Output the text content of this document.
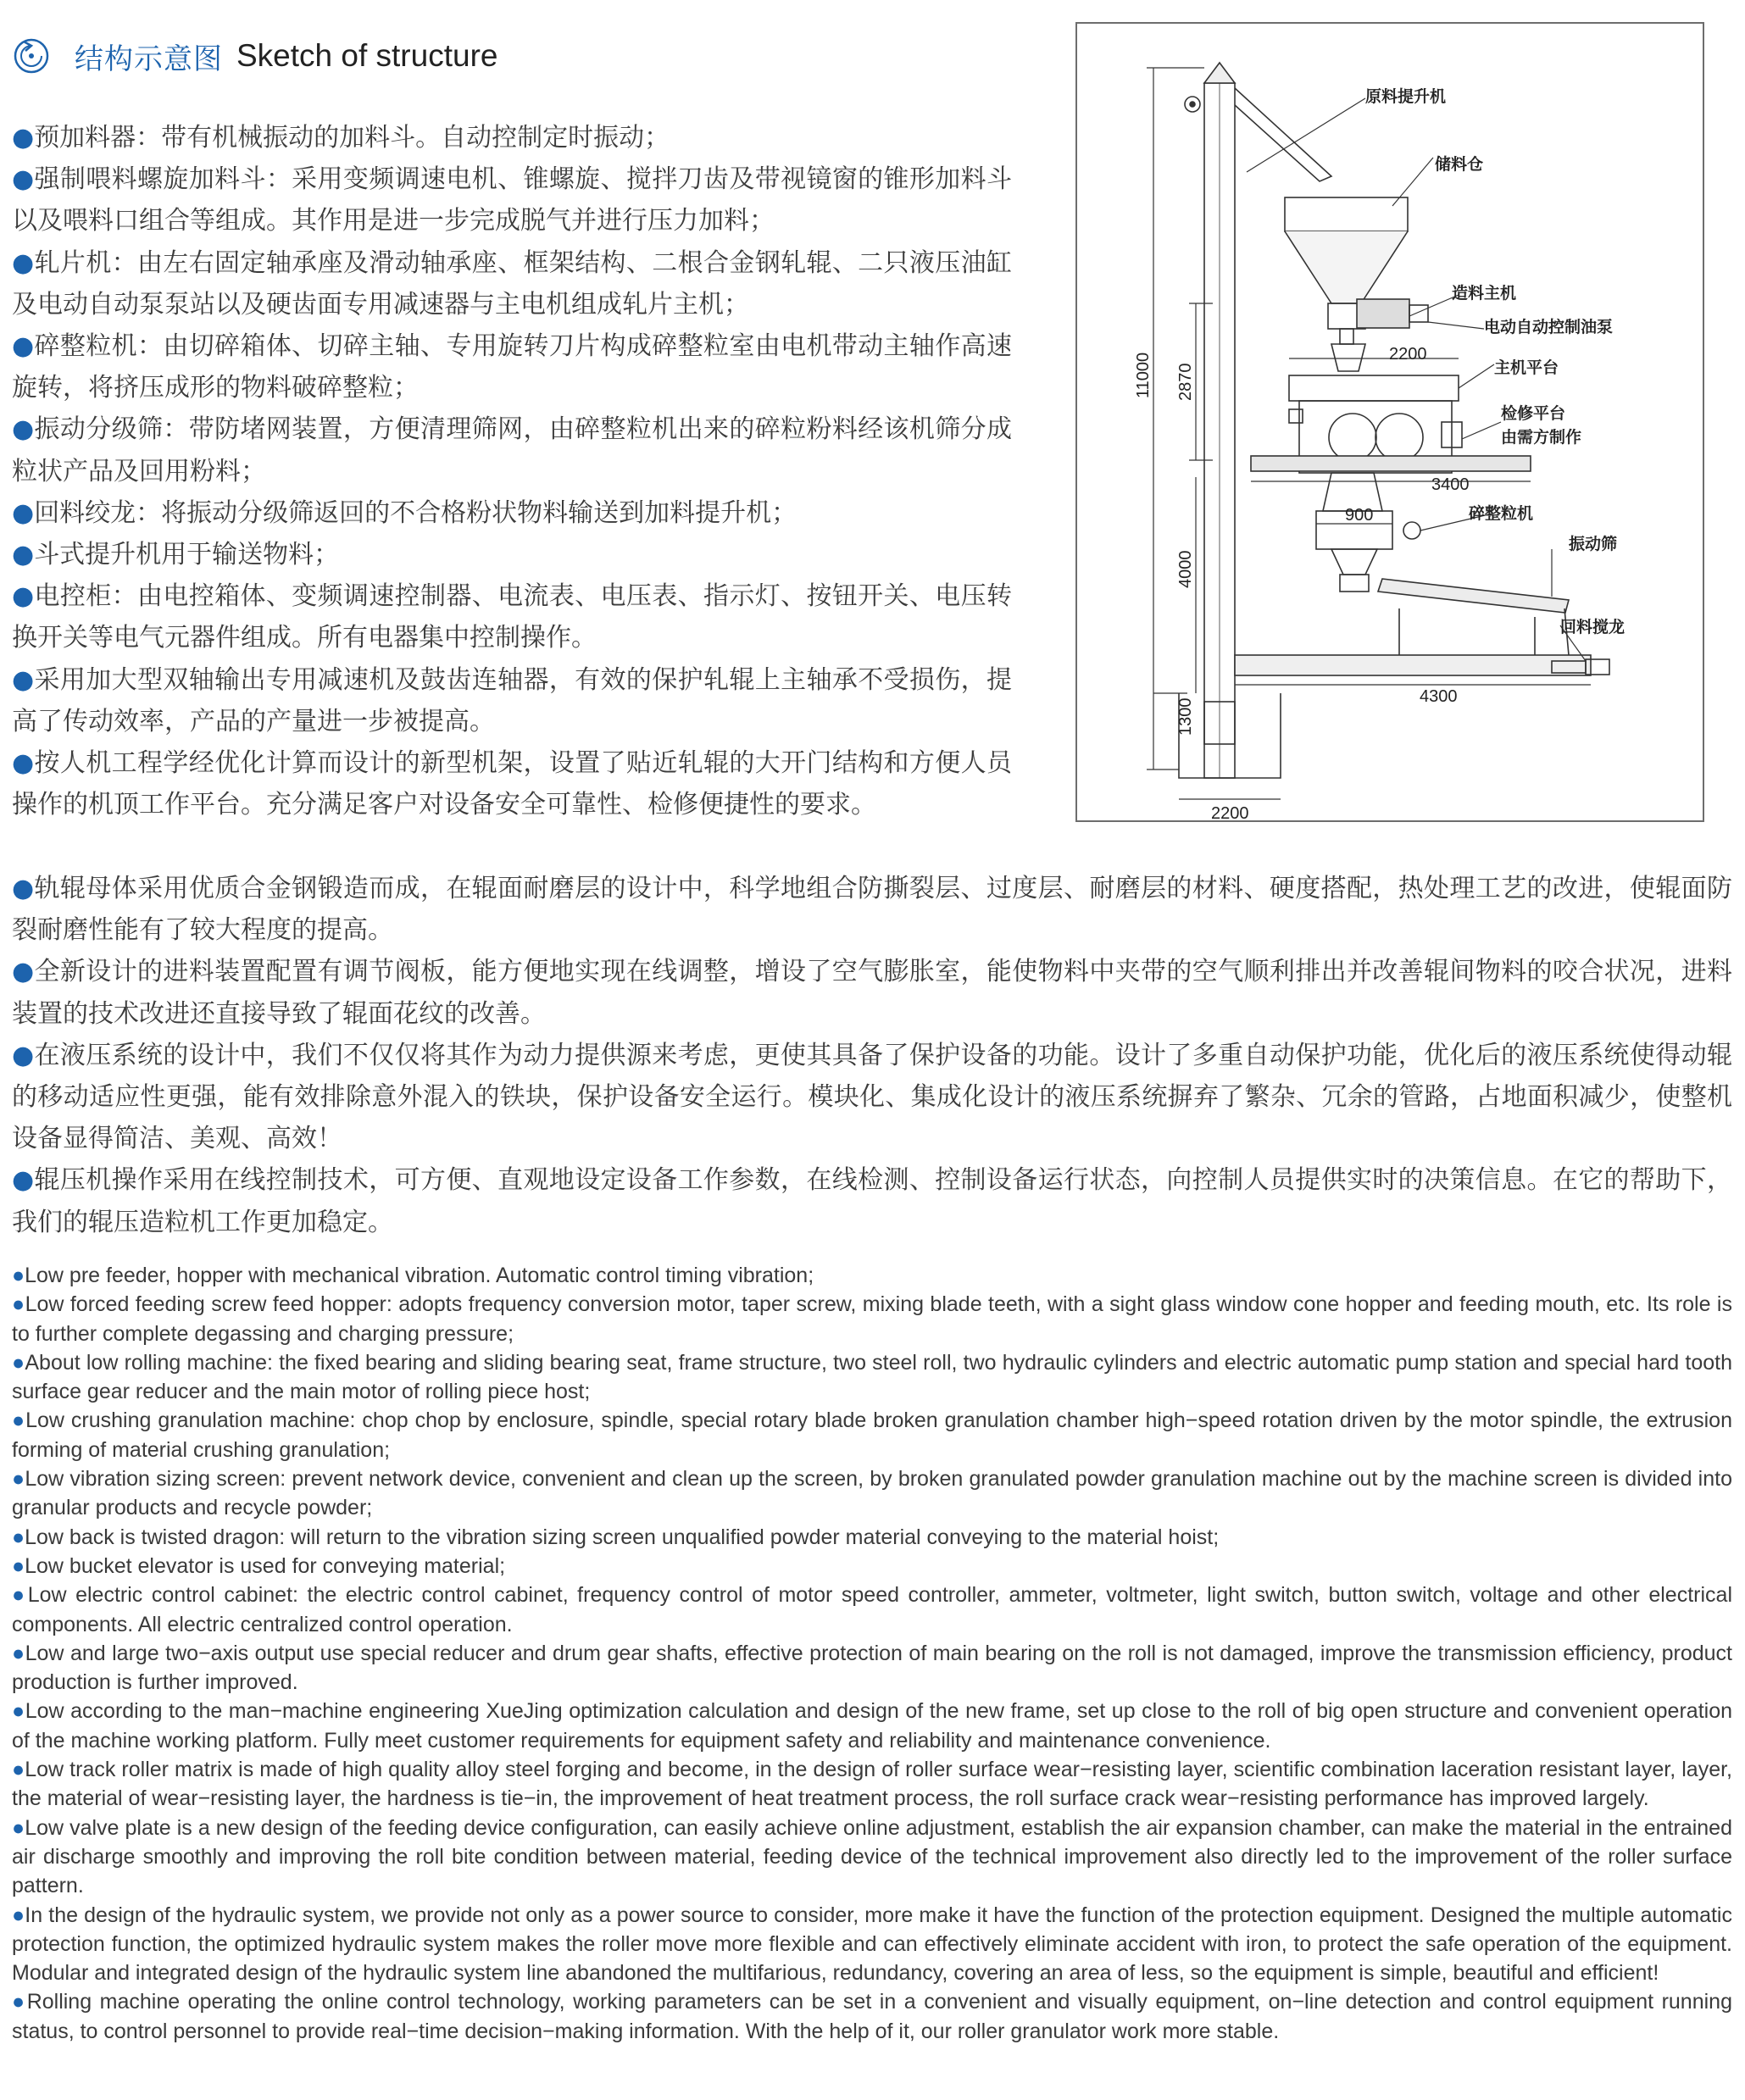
结构示意图 Sketch of structure

●预加料器：带有机械振动的加料斗。自动控制定时振动；

●强制喂料螺旋加料斗：采用变频调速电机、锥螺旋、搅拌刀齿及带视镜窗的锥形加料斗以及喂料口组合等组成。其作用是进一步完成脱气并进行压力加料；

●轧片机：由左右固定轴承座及滑动轴承座、框架结构、二根合金钢轧辊、二只液压油缸及电动自动泵泵站以及硬齿面专用减速器与主电机组成轧片主机；

●碎整粒机：由切碎箱体、切碎主轴、专用旋转刀片构成碎整粒室由电机带动主轴作高速旋转，将挤压成形的物料破碎整粒；

●振动分级筛：带防堵网装置，方便清理筛网，由碎整粒机出来的碎粒粉料经该机筛分成粒状产品及回用粉料；

●回料绞龙：将振动分级筛返回的不合格粉状物料输送到加料提升机；

●斗式提升机用于输送物料；

●电控柜：由电控箱体、变频调速控制器、电流表、电压表、指示灯、按钮开关、电压转换开关等电气元器件组成。所有电器集中控制操作。

●采用加大型双轴输出专用减速机及鼓齿连轴器，有效的保护轧辊上主轴承不受损伤，提高了传动效率，产品的产量进一步被提高。

●按人机工程学经优化计算而设计的新型机架，设置了贴近轧辊的大开门结构和方便人员操作的机顶工作平台。充分满足客户对设备安全可靠性、检修便捷性的要求。

原料提升机
储料仓
造料主机
电动自动控制油泵
主机平台
检修平台
由需方制作
碎整粒机
振动筛
回料搅龙
11000 2870
4000
1300
2200
3400
900
4300
2200

●轨辊母体采用优质合金钢锻造而成，在辊面耐磨层的设计中，科学地组合防撕裂层、过度层、耐磨层的材料、硬度搭配，热处理工艺的改进，使辊面防裂耐磨性能有了较大程度的提高。

●全新设计的进料装置配置有调节阀板，能方便地实现在线调整，增设了空气膨胀室，能使物料中夹带的空气顺利排出并改善辊间物料的咬合状况，进料装置的技术改进还直接导致了辊面花纹的改善。

●在液压系统的设计中，我们不仅仅将其作为动力提供源来考虑，更使其具备了保护设备的功能。设计了多重自动保护功能，优化后的液压系统使得动辊的移动适应性更强，能有效排除意外混入的铁块，保护设备安全运行。模块化、集成化设计的液压系统摒弃了繁杂、冗余的管路，占地面积减少，使整机设备显得简洁、美观、高效！

●辊压机操作采用在线控制技术，可方便、直观地设定设备工作参数，在线检测、控制设备运行状态，向控制人员提供实时的决策信息。在它的帮助下，我们的辊压造粒机工作更加稳定。

●Low pre feeder, hopper with mechanical vibration. Automatic control timing vibration;

●Low forced feeding screw feed hopper: adopts frequency conversion motor, taper screw, mixing blade teeth, with a sight glass window cone hopper and feeding mouth, etc. Its role is to further complete degassing and charging pressure;

●About low rolling machine: the fixed bearing and sliding bearing seat, frame structure, two steel roll, two hydraulic cylinders and electric automatic pump station and special hard tooth surface gear reducer and the main motor of rolling piece host;

●Low crushing granulation machine: chop chop by enclosure, spindle, special rotary blade broken granulation chamber high−speed rotation driven by the motor spindle, the extrusion forming of material crushing granulation;

●Low vibration sizing screen: prevent network device, convenient and clean up the screen, by broken granulated powder granulation machine out by the machine screen is divided into granular products and recycle powder;

●Low back is twisted dragon: will return to the vibration sizing screen unqualified powder material conveying to the material hoist;

●Low bucket elevator is used for conveying material;

●Low electric control cabinet: the electric control cabinet, frequency control of motor speed controller, ammeter, voltmeter, light switch, button switch, voltage and other electrical components. All electric centralized control operation.

●Low and large two−axis output use special reducer and drum gear shafts, effective protection of main bearing on the roll is not damaged, improve the transmission efficiency, product production is further improved.

●Low according to the man−machine engineering XueJing optimization calculation and design of the new frame, set up close to the roll of big open structure and convenient operation of the machine working platform. Fully meet customer requirements for equipment safety and reliability and maintenance convenience.

●Low track roller matrix is made of high quality alloy steel forging and become, in the design of roller surface wear−resisting layer, scientific combination laceration resistant layer, layer, the material of wear−resisting layer, the hardness is tie−in, the improvement of heat treatment process, the roll surface crack wear−resisting performance has improved largely.

●Low valve plate is a new design of the feeding device configuration, can easily achieve online adjustment, establish the air expansion chamber, can make the material in the entrained air discharge smoothly and improving the roll bite condition between material, feeding device of the technical improvement also directly led to the improvement of the roller surface pattern.

●In the design of the hydraulic system, we provide not only as a power source to consider, more make it have the function of the protection equipment. Designed the multiple automatic protection function, the optimized hydraulic system makes the roller move more flexible and can effectively eliminate accident with iron, to protect the safe operation of the equipment. Modular and integrated design of the hydraulic system line abandoned the multifarious, redundancy, covering an area of less, so the equipment is simple, beautiful and efficient!

●Rolling machine operating the online control technology, working parameters can be set in a convenient and visually equipment, on−line detection and control equipment running status, to control personnel to provide real−time decision−making information. With the help of it, our roller granulator work more stable.
